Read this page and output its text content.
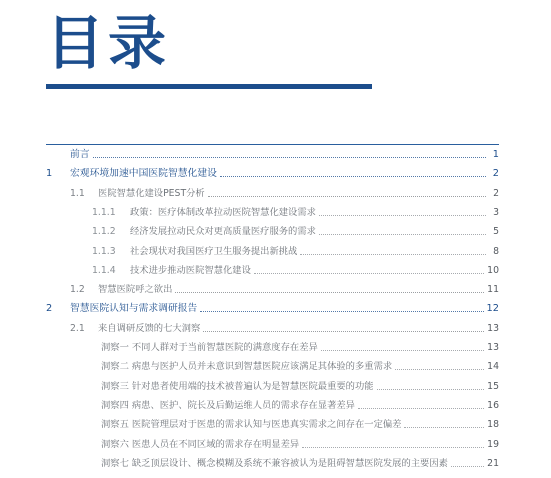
目录
前言	1
1	宏观环境加速中国医院智慧化建设	2
1.1	医院智慧化建设PEST分析	2
1.1.1	政策：医疗体制改革拉动医院智慧化建设需求	3
1.1.2	经济发展拉动民众对更高质量医疗服务的需求	5
1.1.3	社会现状对我国医疗卫生服务提出新挑战	8
1.1.4	技术进步推动医院智慧化建设	10
1.2	智慧医院呼之欲出	11
2	智慧医院认知与需求调研报告	12
2.1	来自调研反馈的七大洞察	13
洞察一 不同人群对于当前智慧医院的满意度存在差异	13
洞察二 病患与医护人员并未意识到智慧医院应该满足其体验的多重需求	14
洞察三 针对患者使用端的技术被普遍认为是智慧医院最重要的功能	15
洞察四 病患、医护、院长及后勤运维人员的需求存在显著差异	16
洞察五 医院管理层对于医患的需求认知与医患真实需求之间存在一定偏差	18
洞察六 医患人员在不同区域的需求存在明显差异	19
洞察七 缺乏顶层设计、概念模糊及系统不兼容被认为是阻碍智慧医院发展的主要因素	21
